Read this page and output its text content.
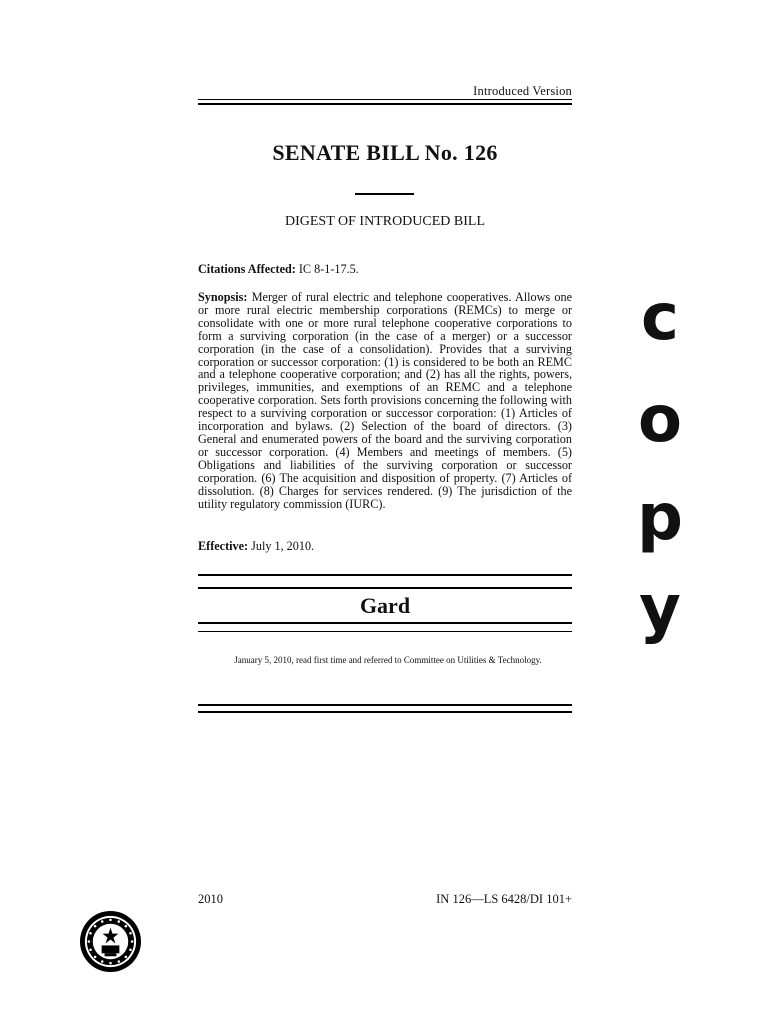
Introduced Version
SENATE BILL No. 126
DIGEST OF INTRODUCED BILL
Citations Affected: IC 8-1-17.5.
Synopsis: Merger of rural electric and telephone cooperatives. Allows one or more rural electric membership corporations (REMCs) to merge or consolidate with one or more rural telephone cooperative corporations to form a surviving corporation (in the case of a merger) or a successor corporation (in the case of a consolidation). Provides that a surviving corporation or successor corporation: (1) is considered to be both an REMC and a telephone cooperative corporation; and (2) has all the rights, powers, privileges, immunities, and exemptions of an REMC and a telephone cooperative corporation. Sets forth provisions concerning the following with respect to a surviving corporation or successor corporation: (1) Articles of incorporation and bylaws. (2) Selection of the board of directors. (3) General and enumerated powers of the board and the surviving corporation or successor corporation. (4) Members and meetings of members. (5) Obligations and liabilities of the surviving corporation or successor corporation. (6) The acquisition and disposition of property. (7) Articles of dissolution. (8) Charges for services rendered. (9) The jurisdiction of the utility regulatory commission (IURC).
Effective: July 1, 2010.
Gard
January 5, 2010, read first time and referred to Committee on Utilities & Technology.
2010	IN 126—LS 6428/DI 101+
c
o
p
y
